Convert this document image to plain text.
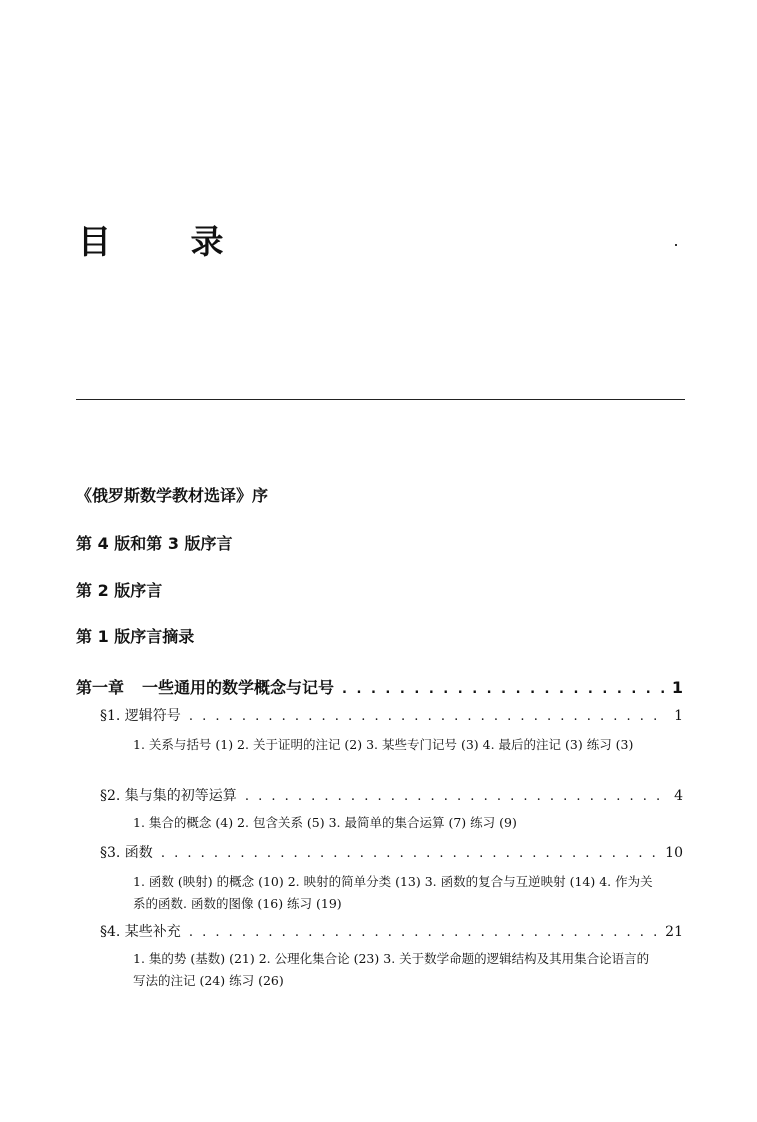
目 录
《俄罗斯数学教材选译》序
第 4 版和第 3 版序言
第 2 版序言
第 1 版序言摘录
第一章 一些通用的数学概念与记号 . . .	1
§1. 逻辑符号 . . .	1
1. 关系与括号 (1) 2. 关于证明的注记 (2) 3. 某些专门记号 (3) 4. 最后的注记 (3) 练习 (3)
§2. 集与集的初等运算 . . .	4
1. 集合的概念 (4) 2. 包含关系 (5) 3. 最简单的集合运算 (7) 练习 (9)
§3. 函数 . . .	10
1. 函数 (映射) 的概念 (10) 2. 映射的简单分类 (13) 3. 函数的复合与互逆映射 (14) 4. 作为关系的函数. 函数的图像 (16) 练习 (19)
§4. 某些补充 . . .	21
1. 集的势 (基数) (21) 2. 公理化集合论 (23) 3. 关于数学命题的逻辑结构及其用集合论语言的写法的注记 (24) 练习 (26)
